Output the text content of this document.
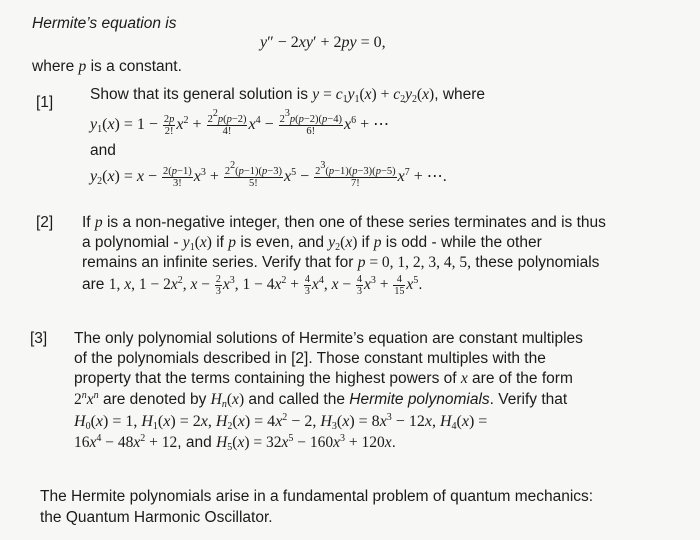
Hermite’s equation is
y″ − 2xy′ + 2py = 0,
where p is a constant.
[1] Show that its general solution is $y = c_1y_1(x) + c_2y_2(x)$, where
$y_1(x) = 1 - \frac{2p}{2!} x^2 + \frac{2^2p(p-2)}{4!} x^4 - \frac{2^3p(p-2)(p-4)}{6!} x^6$ + ⋯
and
$y_2(x) = x - \frac{2(p-1)}{3!} x^3 + \frac{2^2(p-1)(p-3)}{5!} x^5 - \frac{2^3(p-1)(p-3)(p-5)}{7!} x^7$ + ⋯.
[2] If p is a non-negative integer, then one of these series terminates and is thus
a polynomial - $y_1(x)$ if p is even, and $y_2(x)$ if p is odd - while the other
remains an infinite series. Verify that for p = 0, 1, 2, 3, 4, 5, these polynomials
are 1, x, $1 - 2x^2$, $x - \frac{2}{3} x^3$, $1 - 4x^2 + \frac{4}{3} x^4$, $x - \frac{4}{3} x^3 + \frac{4}{15} x^5$.
[3] The only polynomial solutions of Hermite’s equation are constant multiples
of the polynomials described in [2]. Those constant multiples with the
property that the terms containing the highest powers of x are of the form
$2^nx^n$ are denoted by $H_n(x)$ and called the Hermite polynomials. Verify that
$H_0(x) = 1$, $H_1(x) = 2x$, $H_2(x) = 4x^2 - 2$, $H_3(x) = 8x^3 - 12x$, $H_4(x)$ =
$16x^4 - 48x^2 + 12$, and $H_5(x) = 32x^5 - 160x^3 + 120x$.
The Hermite polynomials arise in a fundamental problem of quantum mechanics:
the Quantum Harmonic Oscillator.
